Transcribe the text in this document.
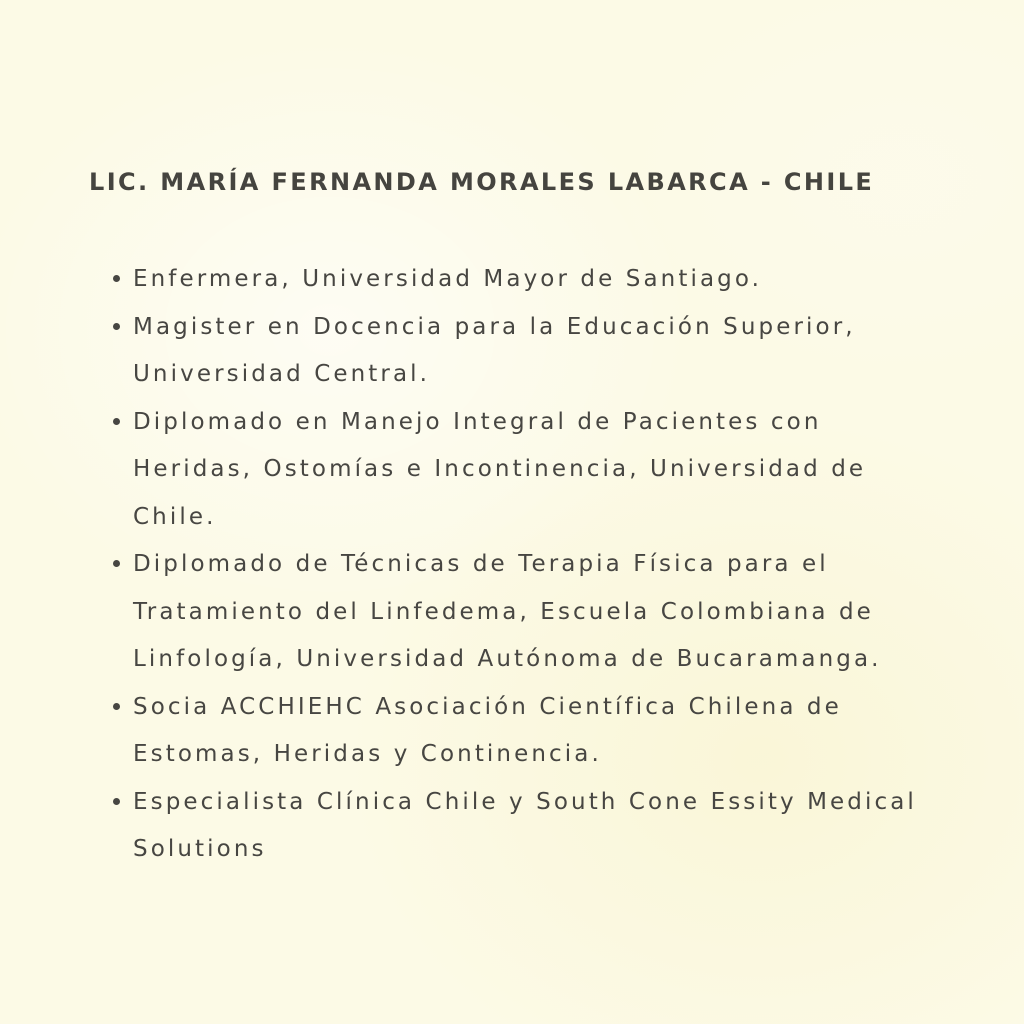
LIC. MARÍA FERNANDA MORALES LABARCA - CHILE
Enfermera, Universidad Mayor de Santiago.
Magister en Docencia para la Educación Superior, Universidad Central.
Diplomado en Manejo Integral de Pacientes con Heridas, Ostomías e Incontinencia, Universidad de Chile.
Diplomado de Técnicas de Terapia Física para el Tratamiento del Linfedema, Escuela Colombiana de Linfología, Universidad Autónoma de Bucaramanga.
Socia ACCHIEHC Asociación Científica Chilena de Estomas, Heridas y Continencia.
Especialista Clínica Chile y South Cone Essity Medical Solutions
